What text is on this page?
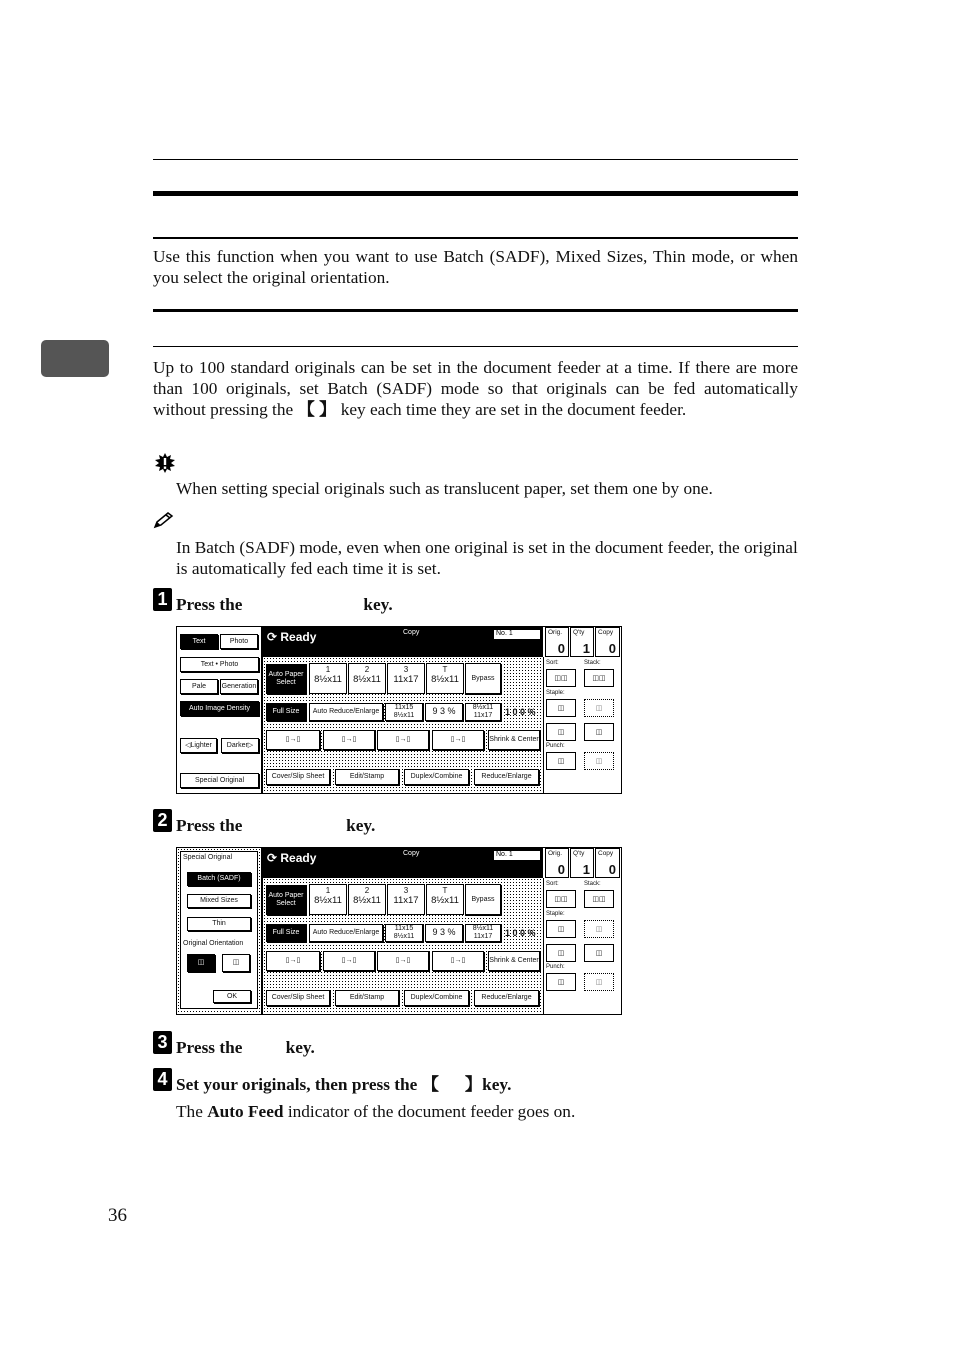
Use this function when you want to use Batch (SADF), Mixed Sizes, Thin mode, or when you select the original orientation.
Up to 100 standard originals can be set in the document feeder at a time. If there are more than 100 originals, set Batch (SADF) mode so that originals can be fed automatically without pressing the 【 】 key each time they are set in the document feeder.
When setting special originals such as translucent paper, set them one by one.
In Batch (SADF) mode, even when one original is set in the document feeder, the original is automatically fed each time it is set.
1 Press the                            key.
Text	Photo
Text • Photo
Pale	Generation
Auto Image Density
◁Lighter	Darker▷
Special Original
⟳ Ready	Copy	No. 1	Orig.
0
Q'ty
1
Copy
0
Auto Paper Select
1
8½x11
2
8½x11
3
11x17
T
8½x11	Bypass
Full Size	Auto Reduce/Enlarge
11x15
8½x11	9 3 %	8½x11
11x17	1 0 0 %
▯→▯	▯→▯	▯→▯	▯→▯	Shrink & Center
Cover/Slip Sheet	Edit/Stamp	Duplex/Combine	Reduce/Enlarge
Sort:	Stack:
◫◫	◫◫
Staple:
◫	◫
◫	◫
Punch:
◫	◫
2 Press the                        key.
Special Original
Batch (SADF)
Mixed Sizes
Thin
Original Orientation
◫	◫
OK
⟳ Ready	Copy	No. 1	Orig.
0
Q'ty
1
Copy
0
Auto Paper Select
1
8½x11
2
8½x11
3
11x17
T
8½x11	Bypass
Full Size	Auto Reduce/Enlarge
11x15
8½x11	9 3 %	8½x11
11x17	1 0 0 %
▯→▯	▯→▯	▯→▯	▯→▯	Shrink & Center
Cover/Slip Sheet	Edit/Stamp	Duplex/Combine	Reduce/Enlarge
Sort:	Stack:
◫◫	◫◫
Staple:
◫	◫
◫	◫
Punch:
◫	◫
3 Press the          key.
4 Set your originals, then press the 【      】key.
The Auto Feed indicator of the document feeder goes on.
36
